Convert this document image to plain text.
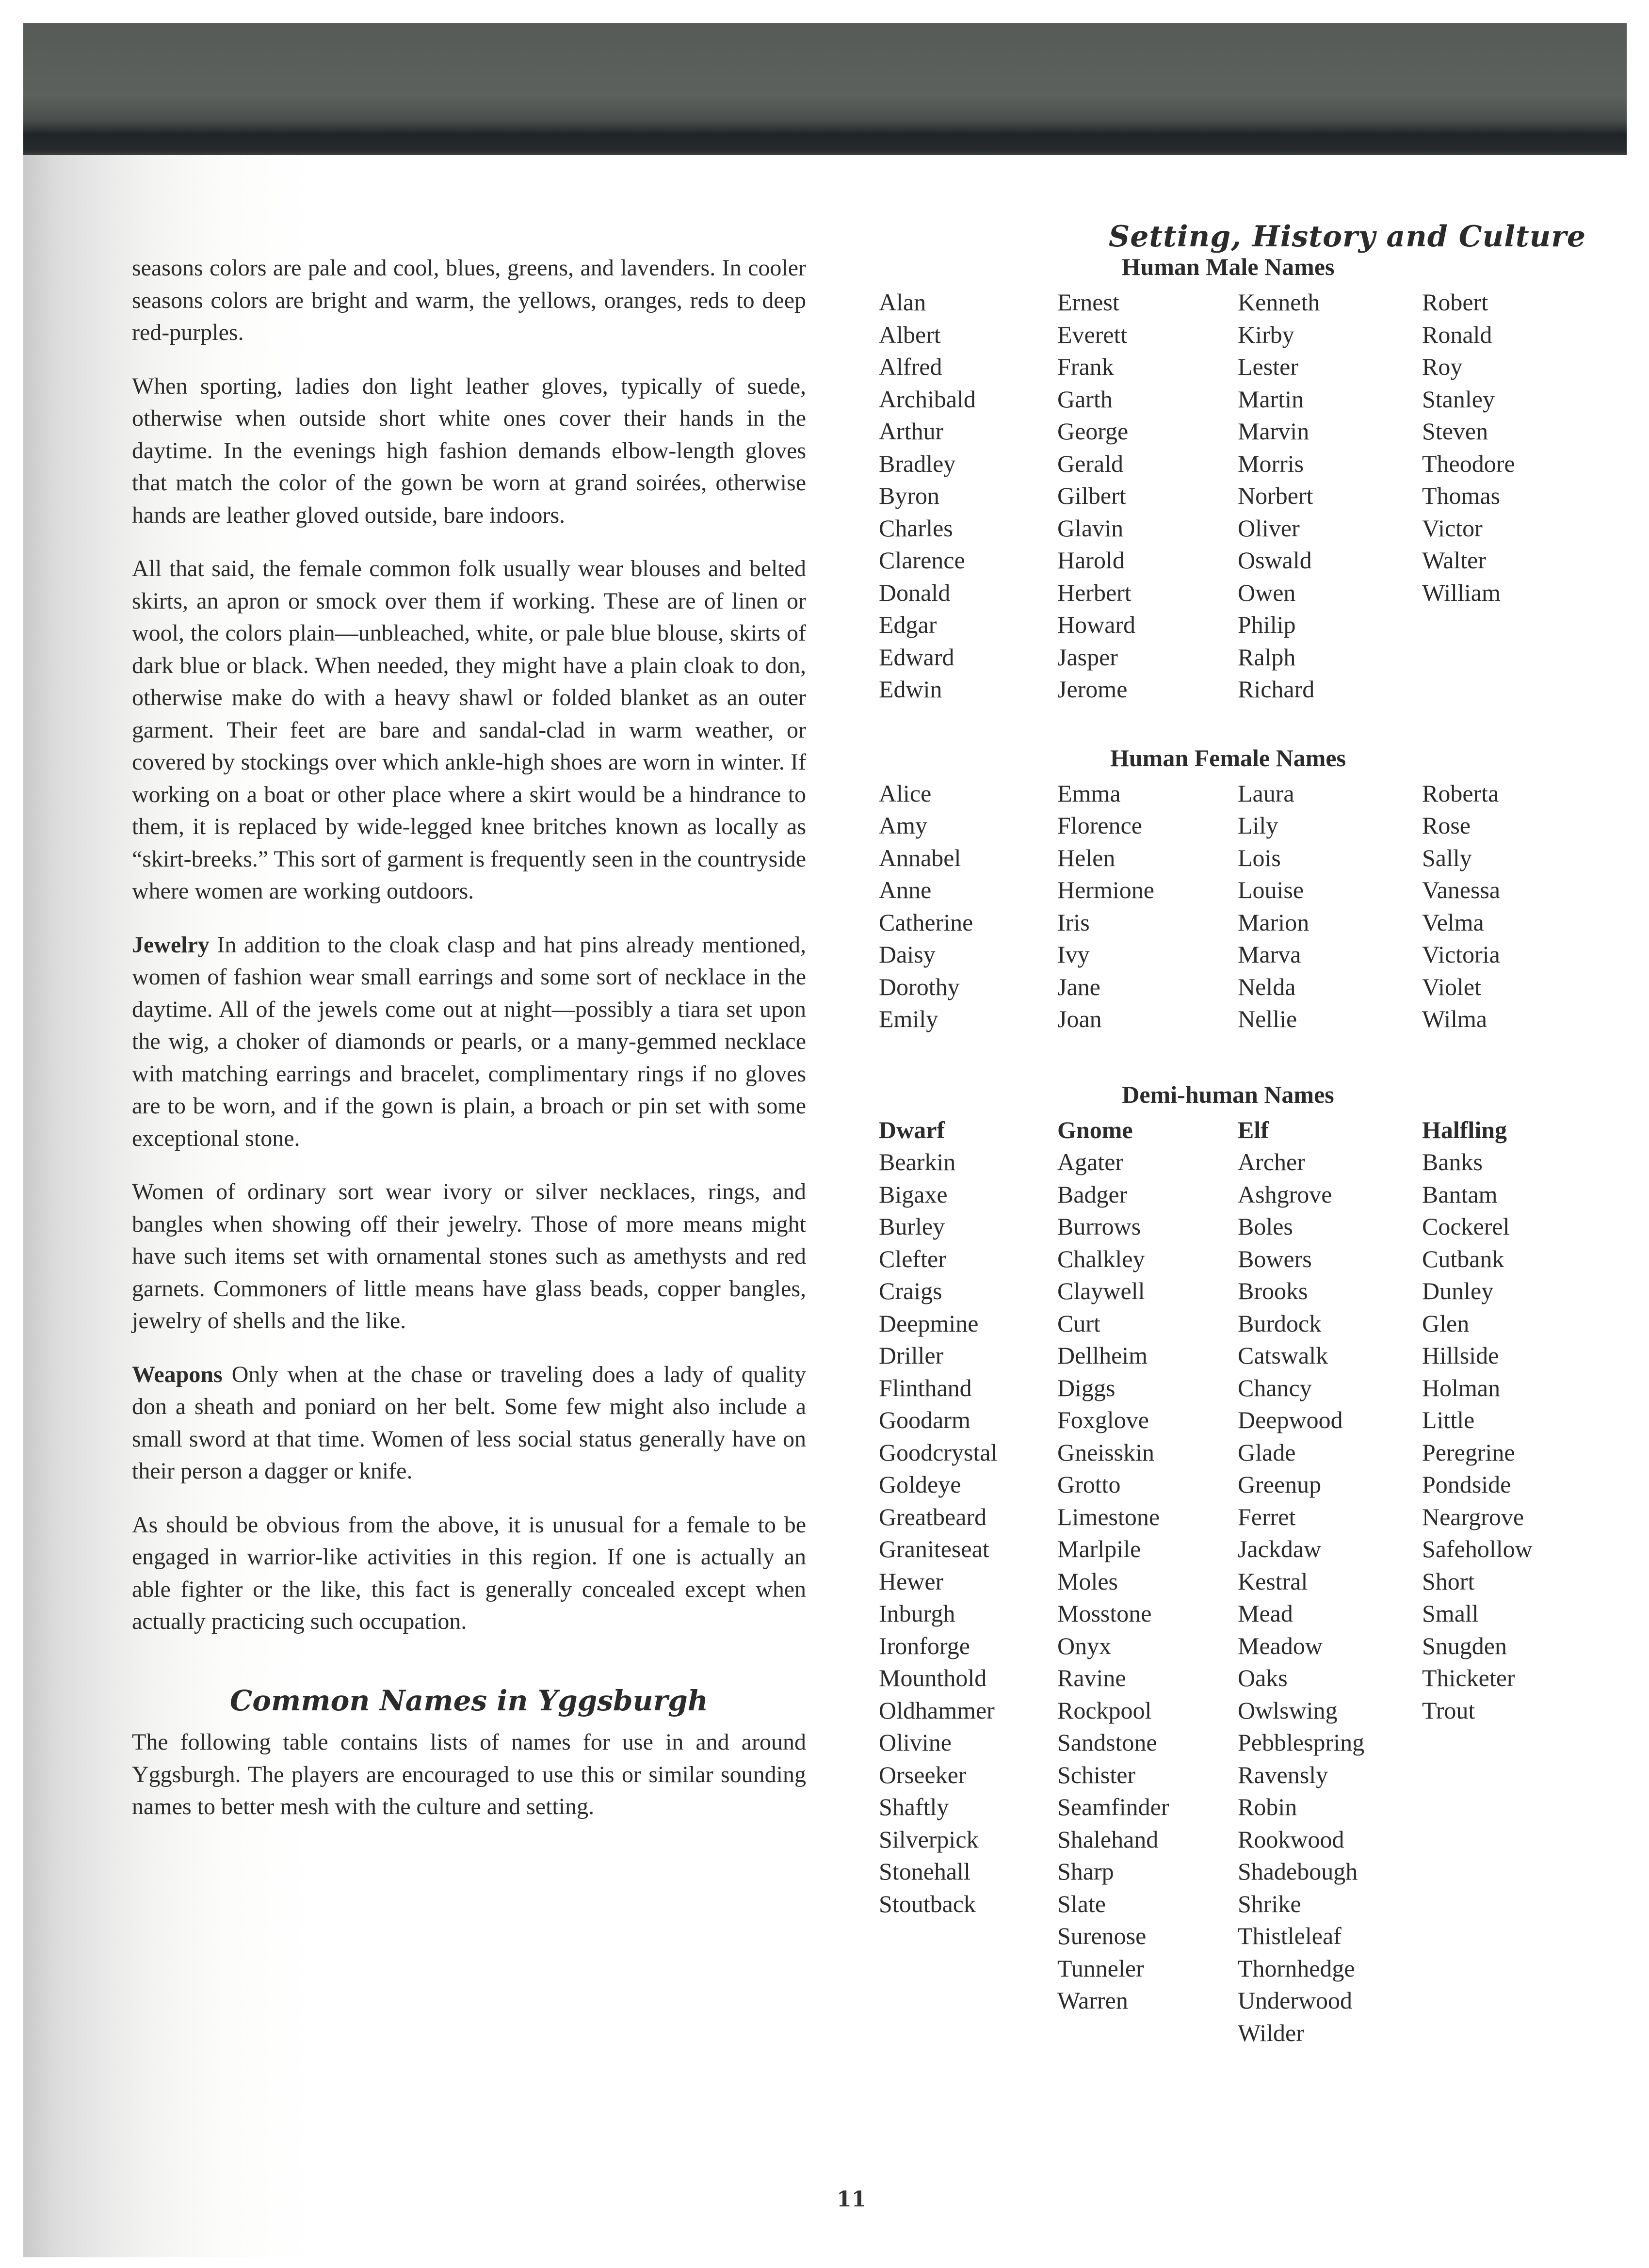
Setting, History and Culture

seasons colors are pale and cool, blues, greens, and lavenders. In cooler seasons colors are bright and warm, the yellows, oranges, reds to deep red-purples.

When sporting, ladies don light leather gloves, typically of suede, otherwise when outside short white ones cover their hands in the daytime. In the evenings high fashion demands elbow-length gloves that match the color of the gown be worn at grand soirées, otherwise hands are leather gloved outside, bare indoors.

All that said, the female common folk usually wear blouses and belted skirts, an apron or smock over them if working. These are of linen or wool, the colors plain—unbleached, white, or pale blue blouse, skirts of dark blue or black. When needed, they might have a plain cloak to don, otherwise make do with a heavy shawl or folded blanket as an outer garment. Their feet are bare and sandal-clad in warm weather, or covered by stockings over which ankle-high shoes are worn in winter. If working on a boat or other place where a skirt would be a hindrance to them, it is replaced by wide-legged knee britches known as locally as “skirt-breeks.” This sort of garment is frequently seen in the countryside where women are working outdoors.

Jewelry In addition to the cloak clasp and hat pins already mentioned, women of fashion wear small earrings and some sort of necklace in the daytime. All of the jewels come out at night—possibly a tiara set upon the wig, a choker of diamonds or pearls, or a many-gemmed necklace with matching earrings and bracelet, complimentary rings if no gloves are to be worn, and if the gown is plain, a broach or pin set with some exceptional stone.

Women of ordinary sort wear ivory or silver necklaces, rings, and bangles when showing off their jewelry. Those of more means might have such items set with ornamental stones such as amethysts and red garnets. Commoners of little means have glass beads, copper bangles, jewelry of shells and the like.

Weapons Only when at the chase or traveling does a lady of quality don a sheath and poniard on her belt. Some few might also include a small sword at that time. Women of less social status generally have on their person a dagger or knife.

As should be obvious from the above, it is unusual for a female to be engaged in warrior-like activities in this region. If one is actually an able fighter or the like, this fact is generally concealed except when actually practicing such occupation.

Common Names in Yggsburgh

The following table contains lists of names for use in and around Yggsburgh. The players are encouraged to use this or similar sounding names to better mesh with the culture and setting.

Human Male Names
Alan
Albert
Alfred
Archibald
Arthur
Bradley
Byron
Charles
Clarence
Donald
Edgar
Edward
Edwin
Ernest
Everett
Frank
Garth
George
Gerald
Gilbert
Glavin
Harold
Herbert
Howard
Jasper
Jerome
Kenneth
Kirby
Lester
Martin
Marvin
Morris
Norbert
Oliver
Oswald
Owen
Philip
Ralph
Richard
Robert
Ronald
Roy
Stanley
Steven
Theodore
Thomas
Victor
Walter
William
Human Female Names
Alice
Amy
Annabel
Anne
Catherine
Daisy
Dorothy
Emily
Emma
Florence
Helen
Hermione
Iris
Ivy
Jane
Joan
Laura
Lily
Lois
Louise
Marion
Marva
Nelda
Nellie
Roberta
Rose
Sally
Vanessa
Velma
Victoria
Violet
Wilma
Demi-human Names
Dwarf
Bearkin
Bigaxe
Burley
Clefter
Craigs
Deepmine
Driller
Flinthand
Goodarm
Goodcrystal
Goldeye
Greatbeard
Graniteseat
Hewer
Inburgh
Ironforge
Mounthold
Oldhammer
Olivine
Orseeker
Shaftly
Silverpick
Stonehall
Stoutback
Gnome
Agater
Badger
Burrows
Chalkley
Claywell
Curt
Dellheim
Diggs
Foxglove
Gneisskin
Grotto
Limestone
Marlpile
Moles
Mosstone
Onyx
Ravine
Rockpool
Sandstone
Schister
Seamfinder
Shalehand
Sharp
Slate
Surenose
Tunneler
Warren
Elf
Archer
Ashgrove
Boles
Bowers
Brooks
Burdock
Catswalk
Chancy
Deepwood
Glade
Greenup
Ferret
Jackdaw
Kestral
Mead
Meadow
Oaks
Owlswing
Pebblespring
Ravensly
Robin
Rookwood
Shadebough
Shrike
Thistleleaf
Thornhedge
Underwood
Wilder
Halfling
Banks
Bantam
Cockerel
Cutbank
Dunley
Glen
Hillside
Holman
Little
Peregrine
Pondside
Neargrove
Safehollow
Short
Small
Snugden
Thicketer
Trout
11
